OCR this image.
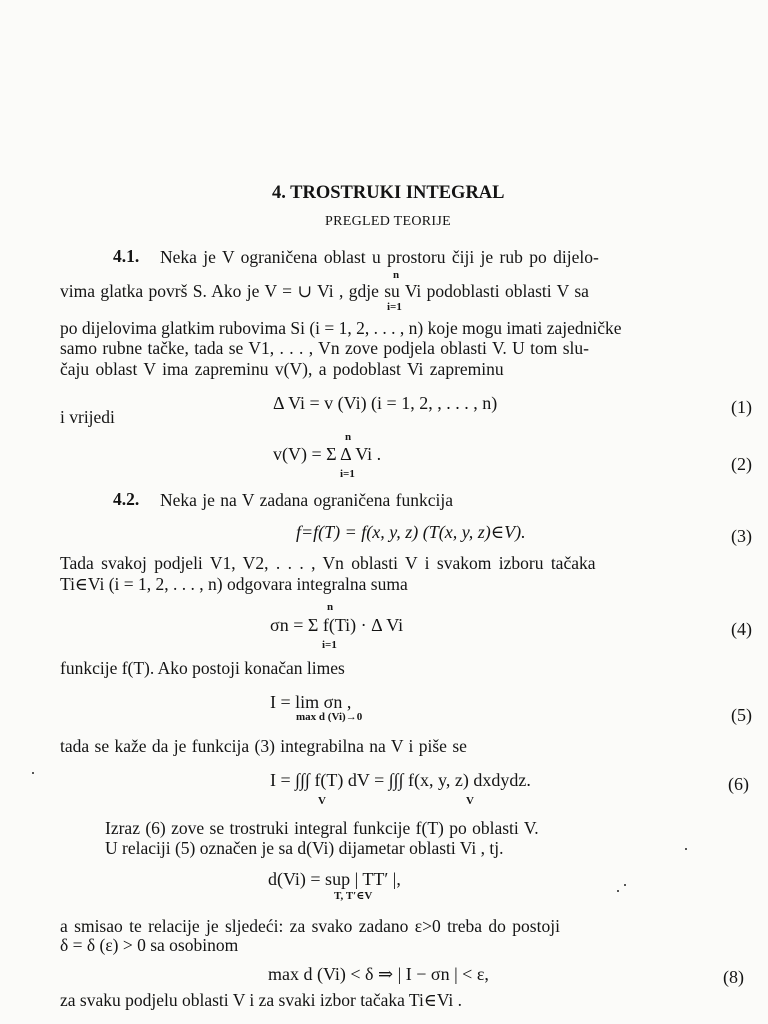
4. TROSTRUKI INTEGRAL
PREGLED TEORIJE
4.1. Neka je V ograničena oblast u prostoru čiji je rub po dijelo-
n
vima glatka površ S. Ako je V = ∪ Vi , gdje su Vi podoblasti oblasti V sa
i=1
po dijelovima glatkim rubovima Si (i = 1, 2, . . . , n) koje mogu imati zajedničke
samo rubne tačke, tada se V1, . . . , Vn zove podjela oblasti V. U tom slu-
čaju oblast V ima zapreminu v(V), a podoblast Vi zapreminu
Δ Vi = v (Vi) (i = 1, 2, , . . . , n)	(1)
i vrijedi
n
v(V) = Σ Δ Vi .
i=1	(2)
4.2. Neka je na V zadana ograničena funkcija
f=f(T) = f(x, y, z) (T(x, y, z)∈V).	(3)
Tada svakoj podjeli V1, V2, . . . , Vn oblasti V i svakom izboru tačaka
Ti∈Vi (i = 1, 2, . . . , n) odgovara integralna suma
n
σn = Σ f(Ti) · Δ Vi
i=1
(4)
funkcije f(T). Ako postoji konačan limes
I = lim σn ,
max d (Vi)→0	(5)
tada se kaže da je funkcija (3) integrabilna na V i piše se
I = ∫∫∫ f(T) dV = ∫∫∫ f(x, y, z) dxdydz.
V	V
(6)
Izraz (6) zove se trostruki integral funkcije f(T) po oblasti V.
U relaciji (5) označen je sa d(Vi) dijametar oblasti Vi , tj.
d(Vi) = sup | TT′ |,
T, T′∈V
a smisao te relacije je sljedeći: za svako zadano ε>0 treba do postoji
δ = δ (ε) > 0 sa osobinom
max d (Vi) < δ ⇒ | I − σn | < ε,	(8)
za svaku podjelu oblasti V i za svaki izbor tačaka Ti∈Vi .
